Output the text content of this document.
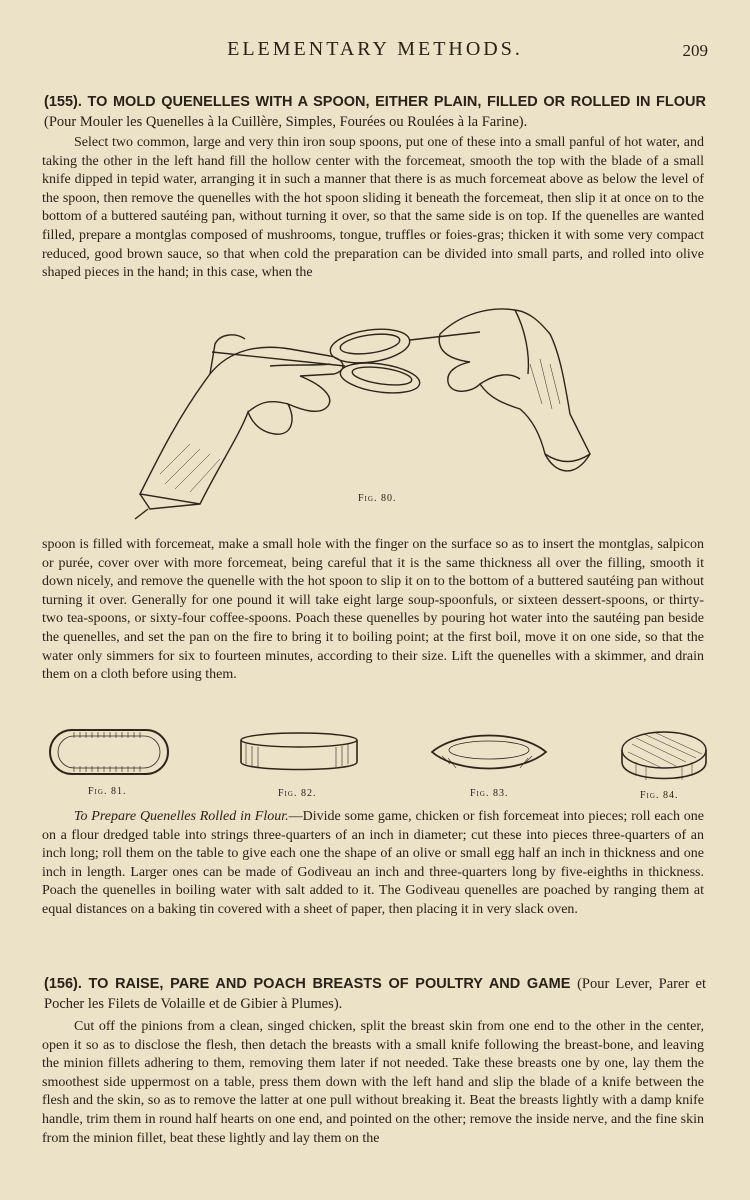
ELEMENTARY METHODS.	209
(155). TO MOLD QUENELLES WITH A SPOON, EITHER PLAIN, FILLED OR ROLLED IN FLOUR (Pour Mouler les Quenelles à la Cuillère, Simples, Fourées ou Roulées à la Farine).

Select two common, large and very thin iron soup spoons, put one of these into a small panful of hot water, and taking the other in the left hand fill the hollow center with the forcemeat, smooth the top with the blade of a small knife dipped in tepid water, arranging it in such a manner that there is as much forcemeat above as below the level of the spoon, then remove the quenelles with the hot spoon sliding it beneath the forcemeat, then slip it at once on to the bottom of a buttered sautéing pan, without turning it over, so that the same side is on top. If the quenelles are wanted filled, prepare a montglas composed of mushrooms, tongue, truffles or foies-gras; thicken it with some very compact reduced, good brown sauce, so that when cold the preparation can be divided into small parts, and rolled into olive shaped pieces in the hand; in this case, when the

Fig. 80.

spoon is filled with forcemeat, make a small hole with the finger on the surface so as to insert the montglas, salpicon or purée, cover over with more forcemeat, being careful that it is the same thickness all over the filling, smooth it down nicely, and remove the quenelle with the hot spoon to slip it on to the bottom of a buttered sautéing pan without turning it over. Generally for one pound it will take eight large soup-spoonfuls, or sixteen dessert-spoons, or thirty-two tea-spoons, or sixty-four coffee-spoons. Poach these quenelles by pouring hot water into the sautéing pan beside the quenelles, and set the pan on the fire to bring it to boiling point; at the first boil, move it on one side, so that the water only simmers for six to fourteen minutes, according to their size. Lift the quenelles with a skimmer, and drain them on a cloth before using them.

Fig. 81.	Fig. 82.	Fig. 83.	Fig. 84.

To Prepare Quenelles Rolled in Flour.—Divide some game, chicken or fish forcemeat into pieces; roll each one on a flour dredged table into strings three-quarters of an inch in diameter; cut these into pieces three-quarters of an inch long; roll them on the table to give each one the shape of an olive or small egg half an inch in thickness and one inch in length. Larger ones can be made of Godiveau an inch and three-quarters long by five-eighths in thickness. Poach the quenelles in boiling water with salt added to it. The Godiveau quenelles are poached by ranging them at equal distances on a baking tin covered with a sheet of paper, then placing it in very slack oven.

(156). TO RAISE, PARE AND POACH BREASTS OF POULTRY AND GAME (Pour Lever, Parer et Pocher les Filets de Volaille et de Gibier à Plumes).

Cut off the pinions from a clean, singed chicken, split the breast skin from one end to the other in the center, open it so as to disclose the flesh, then detach the breasts with a small knife following the breast-bone, and leaving the minion fillets adhering to them, removing them later if not needed. Take these breasts one by one, lay them the smoothest side uppermost on a table, press them down with the left hand and slip the blade of a knife between the flesh and the skin, so as to remove the latter at one pull without breaking it. Beat the breasts lightly with a damp knife handle, trim them in round half hearts on one end, and pointed on the other; remove the inside nerve, and the fine skin from the minion fillet, beat these lightly and lay them on the
